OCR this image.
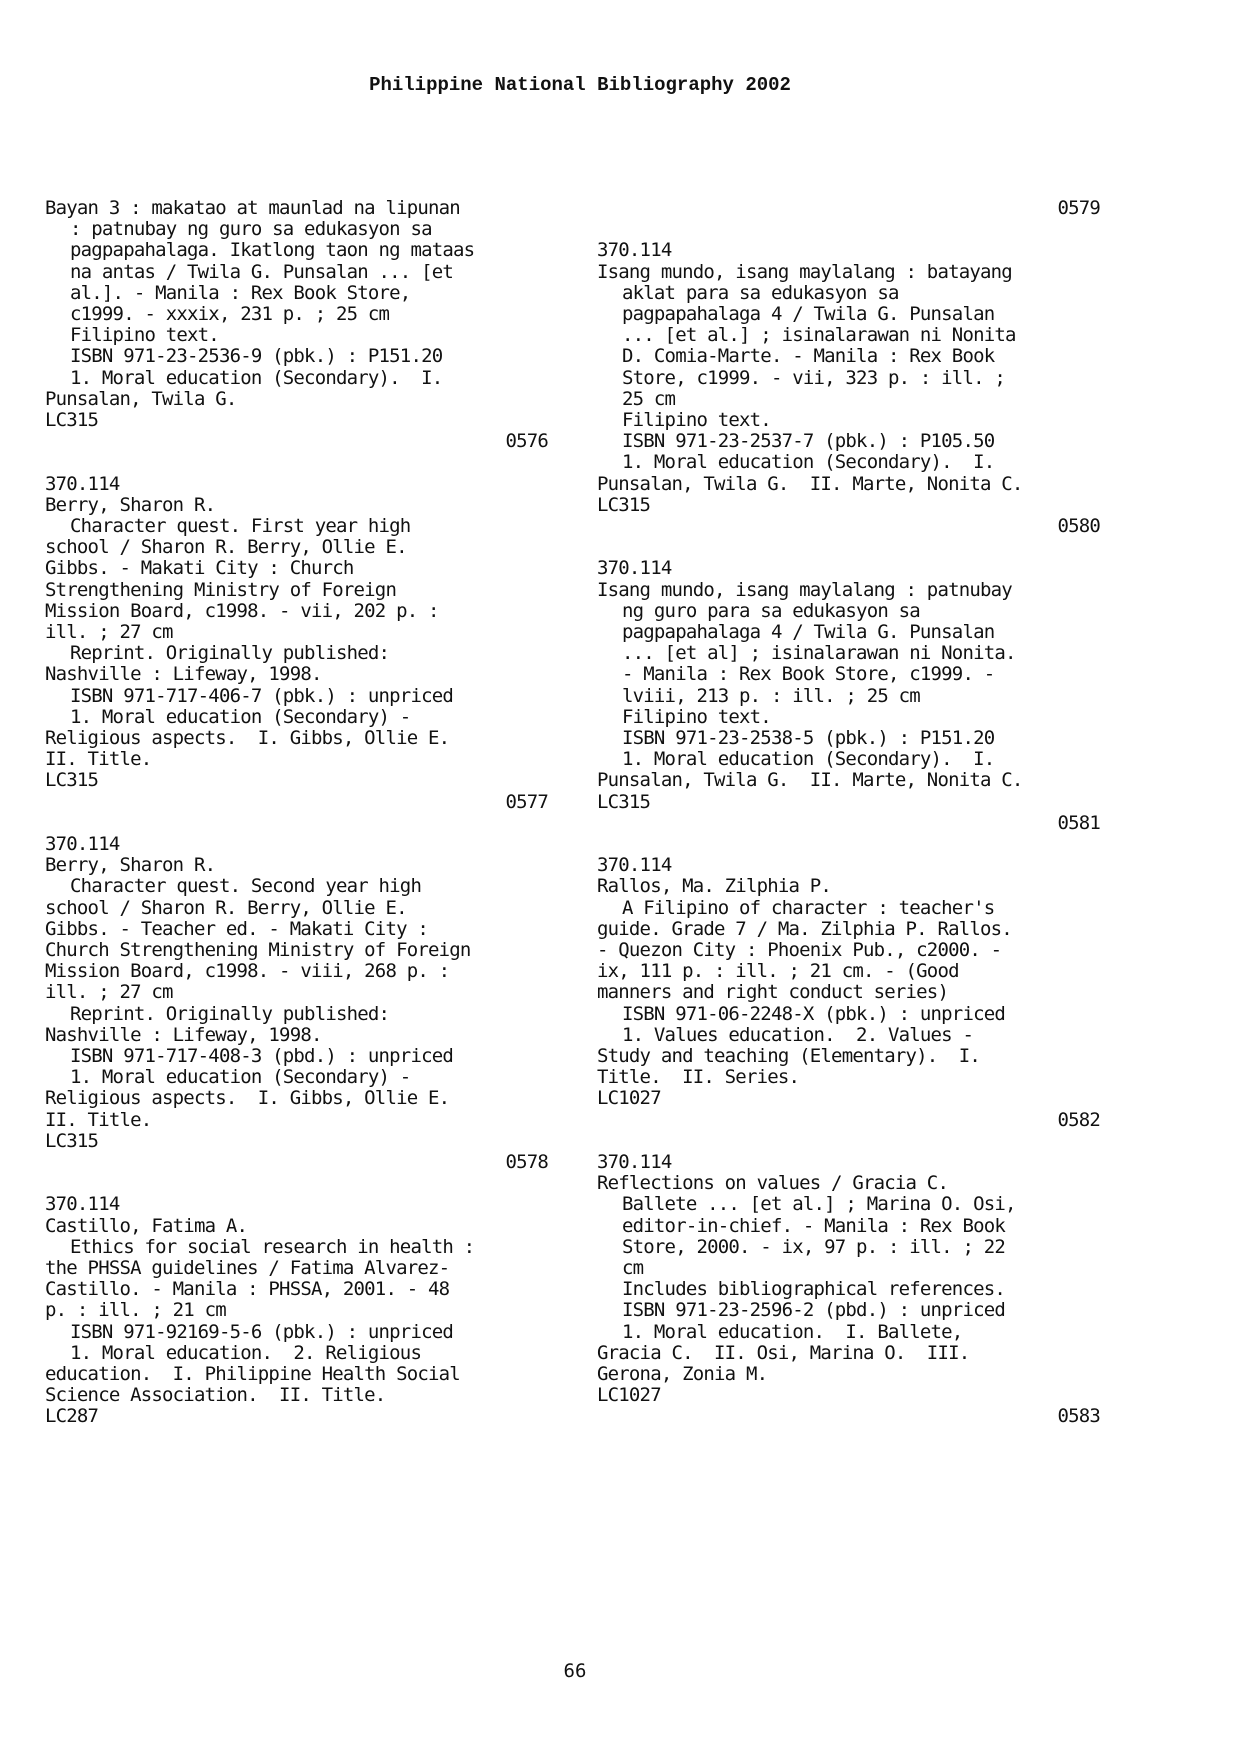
Philippine National Bibliography 2002
Bayan 3 : makatao at maunlad na lipunan
: patnubay ng guro sa edukasyon sa
pagpapahalaga. Ikatlong taon ng mataas
na antas / Twila G. Punsalan ... [et
al.]. - Manila : Rex Book Store,
c1999. - xxxix, 231 p. ; 25 cm
Filipino text.
ISBN 971-23-2536-9 (pbk.) : P151.20
1. Moral education (Secondary).  I.
Punsalan, Twila G.
LC315
0576
370.114
Berry, Sharon R.
Character quest. First year high
school / Sharon R. Berry, Ollie E.
Gibbs. - Makati City : Church
Strengthening Ministry of Foreign
Mission Board, c1998. - vii, 202 p. :
ill. ; 27 cm
Reprint. Originally published:
Nashville : Lifeway, 1998.
ISBN 971-717-406-7 (pbk.) : unpriced
1. Moral education (Secondary) -
Religious aspects.  I. Gibbs, Ollie E.
II. Title.
LC315
0577
370.114
Berry, Sharon R.
Character quest. Second year high
school / Sharon R. Berry, Ollie E.
Gibbs. - Teacher ed. - Makati City :
Church Strengthening Ministry of Foreign
Mission Board, c1998. - viii, 268 p. :
ill. ; 27 cm
Reprint. Originally published:
Nashville : Lifeway, 1998.
ISBN 971-717-408-3 (pbd.) : unpriced
1. Moral education (Secondary) -
Religious aspects.  I. Gibbs, Ollie E.
II. Title.
LC315
0578
370.114
Castillo, Fatima A.
Ethics for social research in health :
the PHSSA guidelines / Fatima Alvarez-
Castillo. - Manila : PHSSA, 2001. - 48
p. : ill. ; 21 cm
ISBN 971-92169-5-6 (pbk.) : unpriced
1. Moral education.  2. Religious
education.  I. Philippine Health Social
Science Association.  II. Title.
LC287
0579
370.114
Isang mundo, isang maylalang : batayang
aklat para sa edukasyon sa
pagpapahalaga 4 / Twila G. Punsalan
... [et al.] ; isinalarawan ni Nonita
D. Comia-Marte. - Manila : Rex Book
Store, c1999. - vii, 323 p. : ill. ;
25 cm
Filipino text.
ISBN 971-23-2537-7 (pbk.) : P105.50
1. Moral education (Secondary).  I.
Punsalan, Twila G.  II. Marte, Nonita C.
LC315
0580
370.114
Isang mundo, isang maylalang : patnubay
ng guro para sa edukasyon sa
pagpapahalaga 4 / Twila G. Punsalan
... [et al] ; isinalarawan ni Nonita.
- Manila : Rex Book Store, c1999. -
lviii, 213 p. : ill. ; 25 cm
Filipino text.
ISBN 971-23-2538-5 (pbk.) : P151.20
1. Moral education (Secondary).  I.
Punsalan, Twila G.  II. Marte, Nonita C.
LC315
0581
370.114
Rallos, Ma. Zilphia P.
A Filipino of character : teacher's
guide. Grade 7 / Ma. Zilphia P. Rallos.
- Quezon City : Phoenix Pub., c2000. -
ix, 111 p. : ill. ; 21 cm. - (Good
manners and right conduct series)
ISBN 971-06-2248-X (pbk.) : unpriced
1. Values education.  2. Values -
Study and teaching (Elementary).  I.
Title.  II. Series.
LC1027
0582
370.114
Reflections on values / Gracia C.
Ballete ... [et al.] ; Marina O. Osi,
editor-in-chief. - Manila : Rex Book
Store, 2000. - ix, 97 p. : ill. ; 22
cm
Includes bibliographical references.
ISBN 971-23-2596-2 (pbd.) : unpriced
1. Moral education.  I. Ballete,
Gracia C.  II. Osi, Marina O.  III.
Gerona, Zonia M.
LC1027
0583
66
